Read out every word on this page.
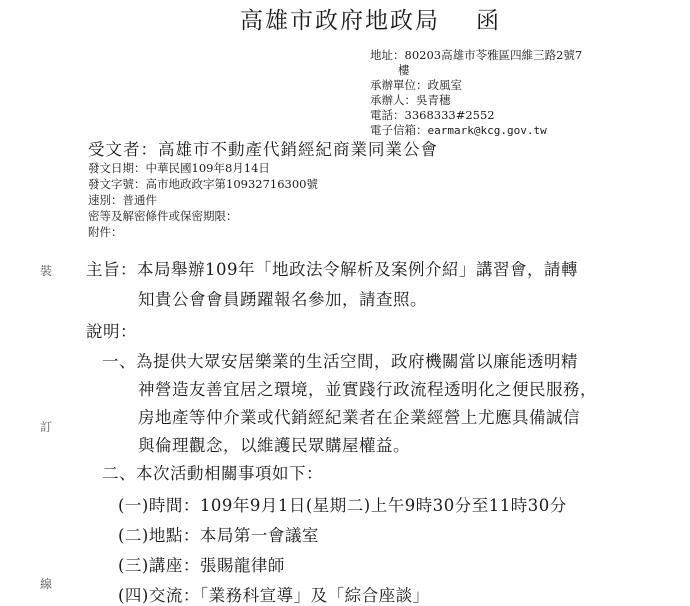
高雄市政府地政局 函
地址：80203高雄市苓雅區四維三路2號7
樓
承辦單位：政風室
承辦人：吳青穗
電話：3368333#2552
電子信箱：earmark@kcg.gov.tw
受文者：高雄市不動產代銷經紀商業同業公會
發文日期：中華民國109年8月14日
發文字號：高市地政政字第10932716300號
速別：普通件
密等及解密條件或保密期限：
附件：
裝
訂
線
主旨：本局舉辦109年「地政法令解析及案例介紹」講習會，請轉
知貴公會會員踴躍報名參加，請查照。
說明：
一、為提供大眾安居樂業的生活空間，政府機關當以廉能透明精
神營造友善宜居之環境，並實踐行政流程透明化之便民服務，
房地產等仲介業或代銷經紀業者在企業經營上尤應具備誠信
與倫理觀念，以維護民眾購屋權益。
二、本次活動相關事項如下：
(一)時間：109年9月1日(星期二)上午9時30分至11時30分
(二)地點：本局第一會議室
(三)講座：張賜龍律師
(四)交流：「業務科宣導」及「綜合座談」
